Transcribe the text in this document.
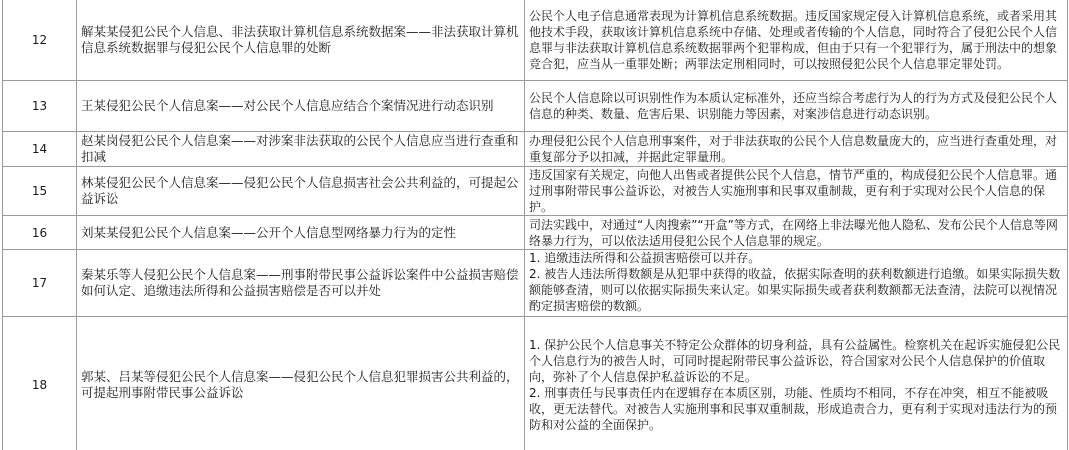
12	解某某侵犯公民个人信息、非法获取计算机信息系统数据案——非法获取计算机信息系统数据罪与侵犯公民个人信息罪的处断	公民个人电子信息通常表现为计算机信息系统数据。违反国家规定侵入计算机信息系统，或者采用其他技术手段，获取该计算机信息系统中存储、处理或者传输的个人信息，同时符合了侵犯公民个人信息罪与非法获取计算机信息系统数据罪两个犯罪构成，但由于只有一个犯罪行为，属于刑法中的想象竞合犯，应当从一重罪处断；两罪法定刑相同时，可以按照侵犯公民个人信息罪定罪处罚。

13	王某侵犯公民个人信息案——对公民个人信息应结合个案情况进行动态识别	公民个人信息除以可识别性作为本质认定标准外，还应当综合考虑行为人的行为方式及侵犯公民个人信息的种类、数量、危害后果、识别能力等因素，对案涉信息进行动态识别。

14	赵某岗侵犯公民个人信息案——对涉案非法获取的公民个人信息应当进行查重和扣减	办理侵犯公民个人信息刑事案件，对于非法获取的公民个人信息数量庞大的，应当进行查重处理，对重复部分予以扣减，并据此定罪量刑。

15	林某侵犯公民个人信息案——侵犯公民个人信息损害社会公共利益的，可提起公益诉讼	违反国家有关规定，向他人出售或者提供公民个人信息，情节严重的，构成侵犯公民个人信息罪。通过刑事附带民事公益诉讼，对被告人实施刑事和民事双重制裁，更有利于实现对公民个人信息的保护。

16	刘某某侵犯公民个人信息案——公开个人信息型网络暴力行为的定性	司法实践中，对通过“人肉搜索”“开盒”等方式，在网络上非法曝光他人隐私、发布公民个人信息等网络暴力行为，可以依法适用侵犯公民个人信息罪的规定。

17	秦某乐等人侵犯公民个人信息案——刑事附带民事公益诉讼案件中公益损害赔偿如何认定、追缴违法所得和公益损害赔偿是否可以并处	1. 追缴违法所得和公益损害赔偿可以并存。
2. 被告人违法所得数额是从犯罪中获得的收益，依据实际查明的获利数额进行追缴。如果实际损失数额能够查清，则可以依据实际损失来认定。如果实际损失或者获利数额都无法查清，法院可以视情况酌定损害赔偿的数额。

18	郭某、吕某等侵犯公民个人信息案——侵犯公民个人信息犯罪损害公共利益的，可提起刑事附带民事公益诉讼	1. 保护公民个人信息事关不特定公众群体的切身利益，具有公益属性。检察机关在起诉实施侵犯公民个人信息行为的被告人时，可同时提起附带民事公益诉讼，符合国家对公民个人信息保护的价值取向，弥补了个人信息保护私益诉讼的不足。
2. 刑事责任与民事责任内在逻辑存在本质区别，功能、性质均不相同，不存在冲突，相互不能被吸收，更无法替代。对被告人实施刑事和民事双重制裁，形成追责合力，更有利于实现对违法行为的预防和对公益的全面保护。
